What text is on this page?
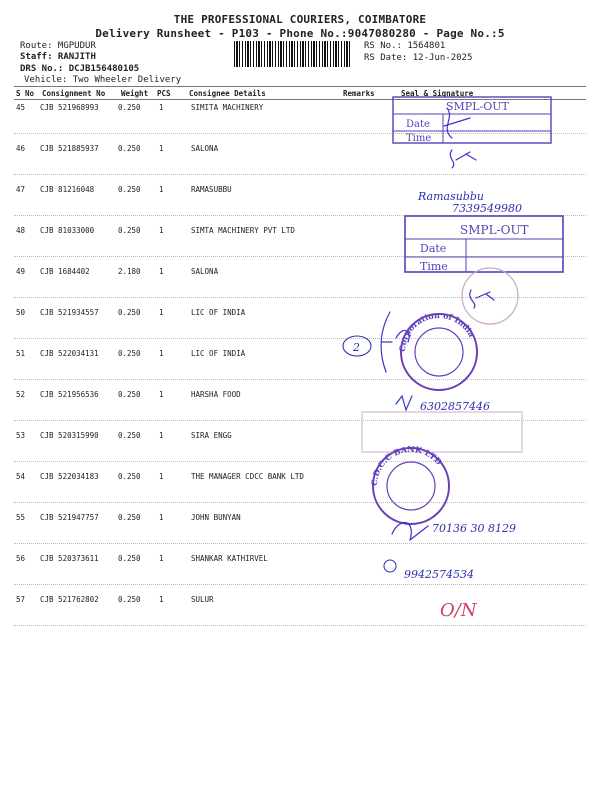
THE PROFESSIONAL COURIERS, COIMBATORE
Delivery Runsheet - P103 - Phone No.:9047080280 - Page No.:5
Route: MGPUDUR
Staff: RANJITH
DRS No.: DCJB156480105
Vehicle: Two Wheeler Delivery
RS No.: 1564801
RS Date: 12-Jun-2025
S No Consignment No Weight PCS Consignee Details	Remarks	Seal & Signature
45 CJB 521968993	0.250 1	SIMITA MACHINERY
46 CJB 521885937	0.250 1	SALONA
47 CJB 81216048	0.250 1	RAMASUBBU
48 CJB 81033000	0.250 1	SIMTA MACHINERY PVT LTD
49 CJB 1684402	2.180 1	SALONA
50 CJB 521934557	0.250 1	LIC OF INDIA
51 CJB 522034131	0.250 1	LIC OF INDIA
52 CJB 521956536	0.250 1	HARSHA FOOD
53 CJB 520315990	0.250 1	SIRA ENGG
54 CJB 522034183	0.250 1	THE MANAGER CDCC BANK LTD
55 CJB 521947757	0.250 1	JOHN BUNYAN
56 CJB 520373611	0.250 1	SHANKAR KATHIRVEL
57 CJB 521762802	0.250 1	SULUR
SMPL-OUT
Date
Time
Ramasubbu
7339549980
SMPL-OUT
Date
Time
2	Corporation of India
6302857446
C.D.C.C BANK LTD
70136 30 8129
9942574534
O/N
